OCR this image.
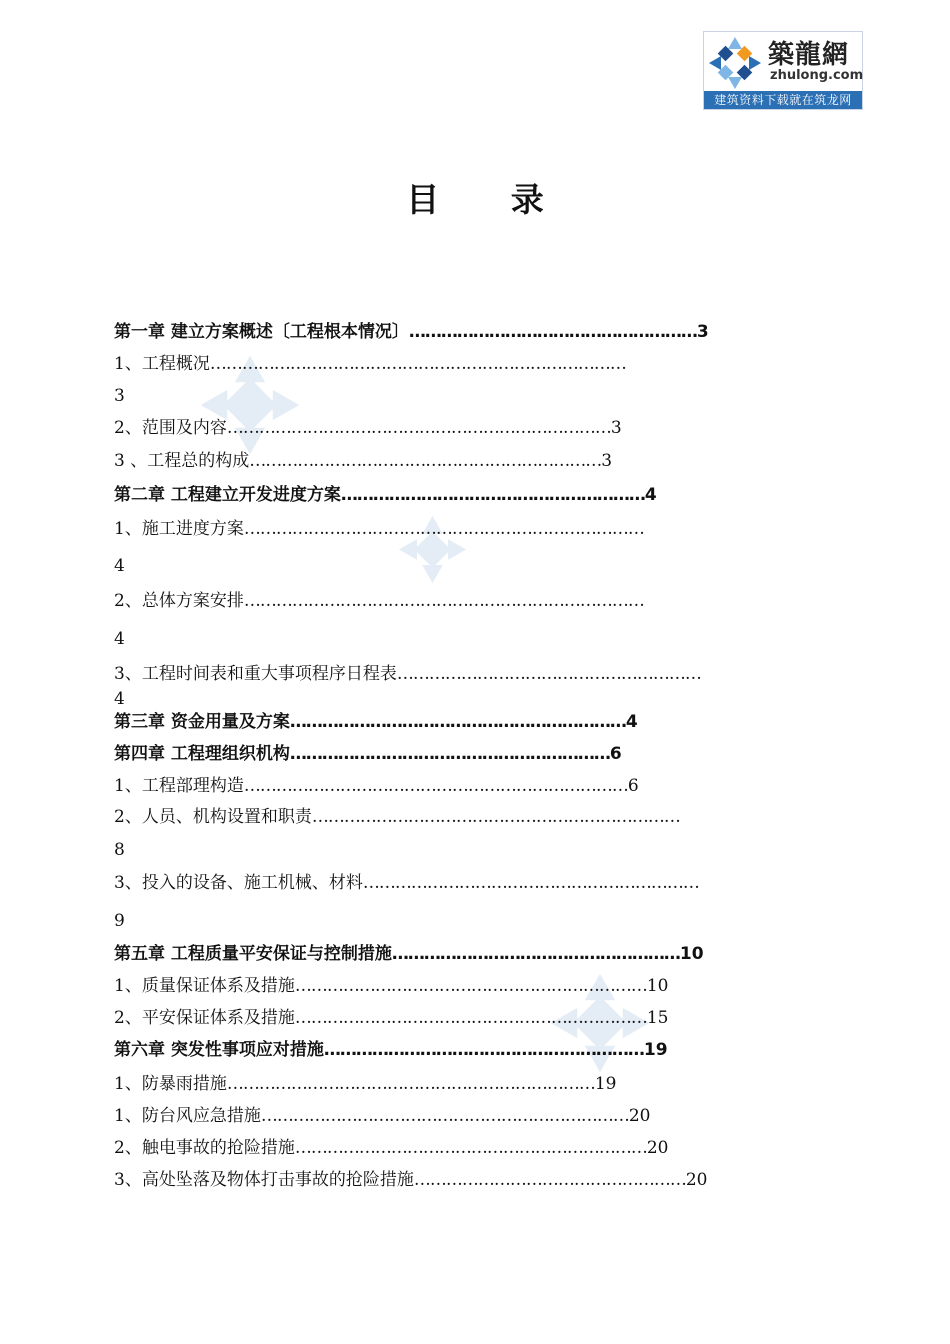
築龍網
zhulong.com
建筑资料下载就在筑龙网
目 录
第一章 建立方案概述〔工程根本情况〕………………………………………………3
1、工程概况……………………………………………………………………
3
2、范围及内容………………………………………………………………3
3 、工程总的构成…………………………………………………………3
第二章 工程建立开发进度方案…………………………………………………4
1、施工进度方案…………………………………………………………………
4
2、总体方案安排…………………………………………………………………
4
3、工程时间表和重大事项程序日程表…………………………………………………
4
第三章 资金用量及方案………………………………………………………4
第四章 工程理组织机构……………………………………………………6
1、工程部理构造………………………………………………………………6
2、人员、机构设置和职责……………………………………………………………
8
3、投入的设备、施工机械、材料………………………………………………………
9
第五章 工程质量平安保证与控制措施………………………………………………10
1、质量保证体系及措施…………………………………………………………10
2、平安保证体系及措施…………………………………………………………15
第六章 突发性事项应对措施……………………………………………………19
1、防暴雨措施……………………………………………………………19
1、防台风应急措施……………………………………………………………20
2、触电事故的抢险措施…………………………………………………………20
3、高处坠落及物体打击事故的抢险措施……………………………………………20
